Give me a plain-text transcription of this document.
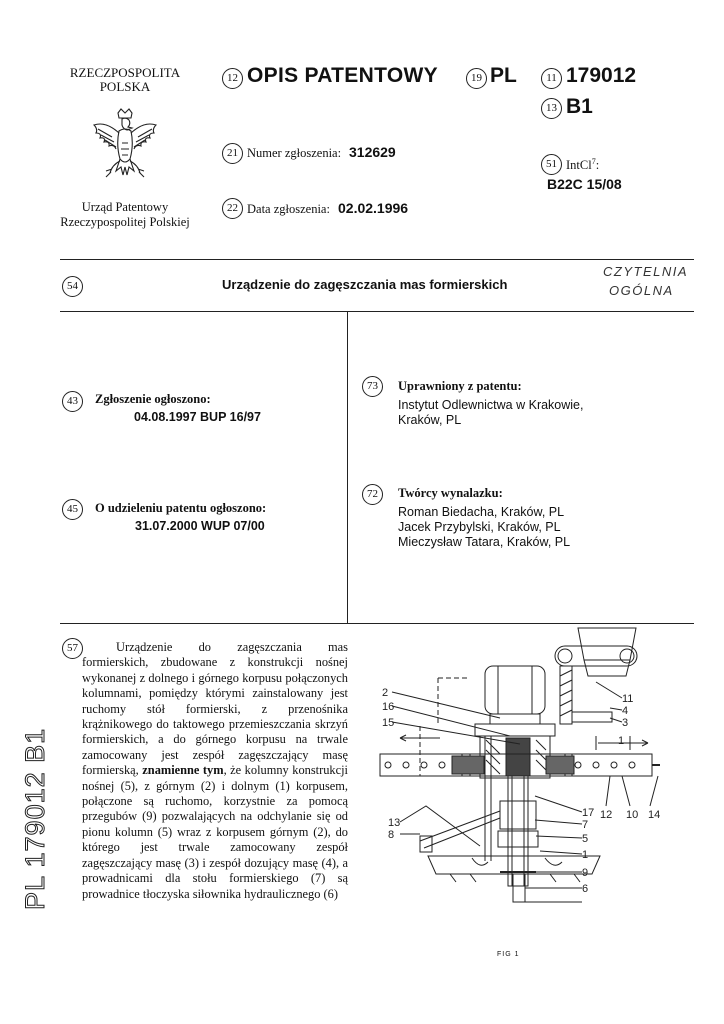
RZECZPOSPOLITA
POLSKA
Urząd Patentowy
Rzeczypospolitej Polskiej
12 OPIS PATENTOWY	19 PL	11 179012
13 B1
21 Numer zgłoszenia: 312629
22 Data zgłoszenia: 02.02.1996
51 IntCl$^7$:
B22C 15/08
54	Urządzenie do zagęszczania mas formierskich
CZYTELNIA
OGÓLNA
43	Zgłoszenie ogłoszono:
04.08.1997 BUP 16/97
45	O udzieleniu patentu ogłoszono:
31.07.2000 WUP 07/00
73	Uprawniony z patentu:
Instytut Odlewnictwa w Krakowie,
Kraków, PL
72	Twórcy wynalazku:
Roman Biedacha, Kraków, PL
Jacek Przybylski, Kraków, PL
Mieczysław Tatara, Kraków, PL
57	Urządzenie do zagęszczania mas formierskich, zbudowane z konstrukcji nośnej wykonanej z dolnego i górnego korpusu połączonych kolumnami, pomiędzy którymi zainstalowany jest ruchomy stół formierski, z przenośnika krążnikowego do taktowego przemieszczania skrzyń formierskich, a do górnego korpusu na trwale zamocowany jest zespół zagęszczający masę formierską, znamienne tym, że kolumny konstrukcji nośnej (5), z górnym (2) i dolnym (1) korpusem, połączone są ruchomo, korzystnie za pomocą przegubów (9) pozwalających na odchylanie się od pionu kolumn (5) wraz z korpusem górnym (2), do którego jest trwale zamocowany zespół zagęszczający masę (3) i zespół dozujący masę (4), a prowadnicami dla stołu formierskiego (7) są prowadnice tłoczyska siłownika hydraulicznego (6)

PL 179012 B1
2
16
15
11
4
3
1
13
8
17
7
5
1
9
6
12 10 14
FIG 1
